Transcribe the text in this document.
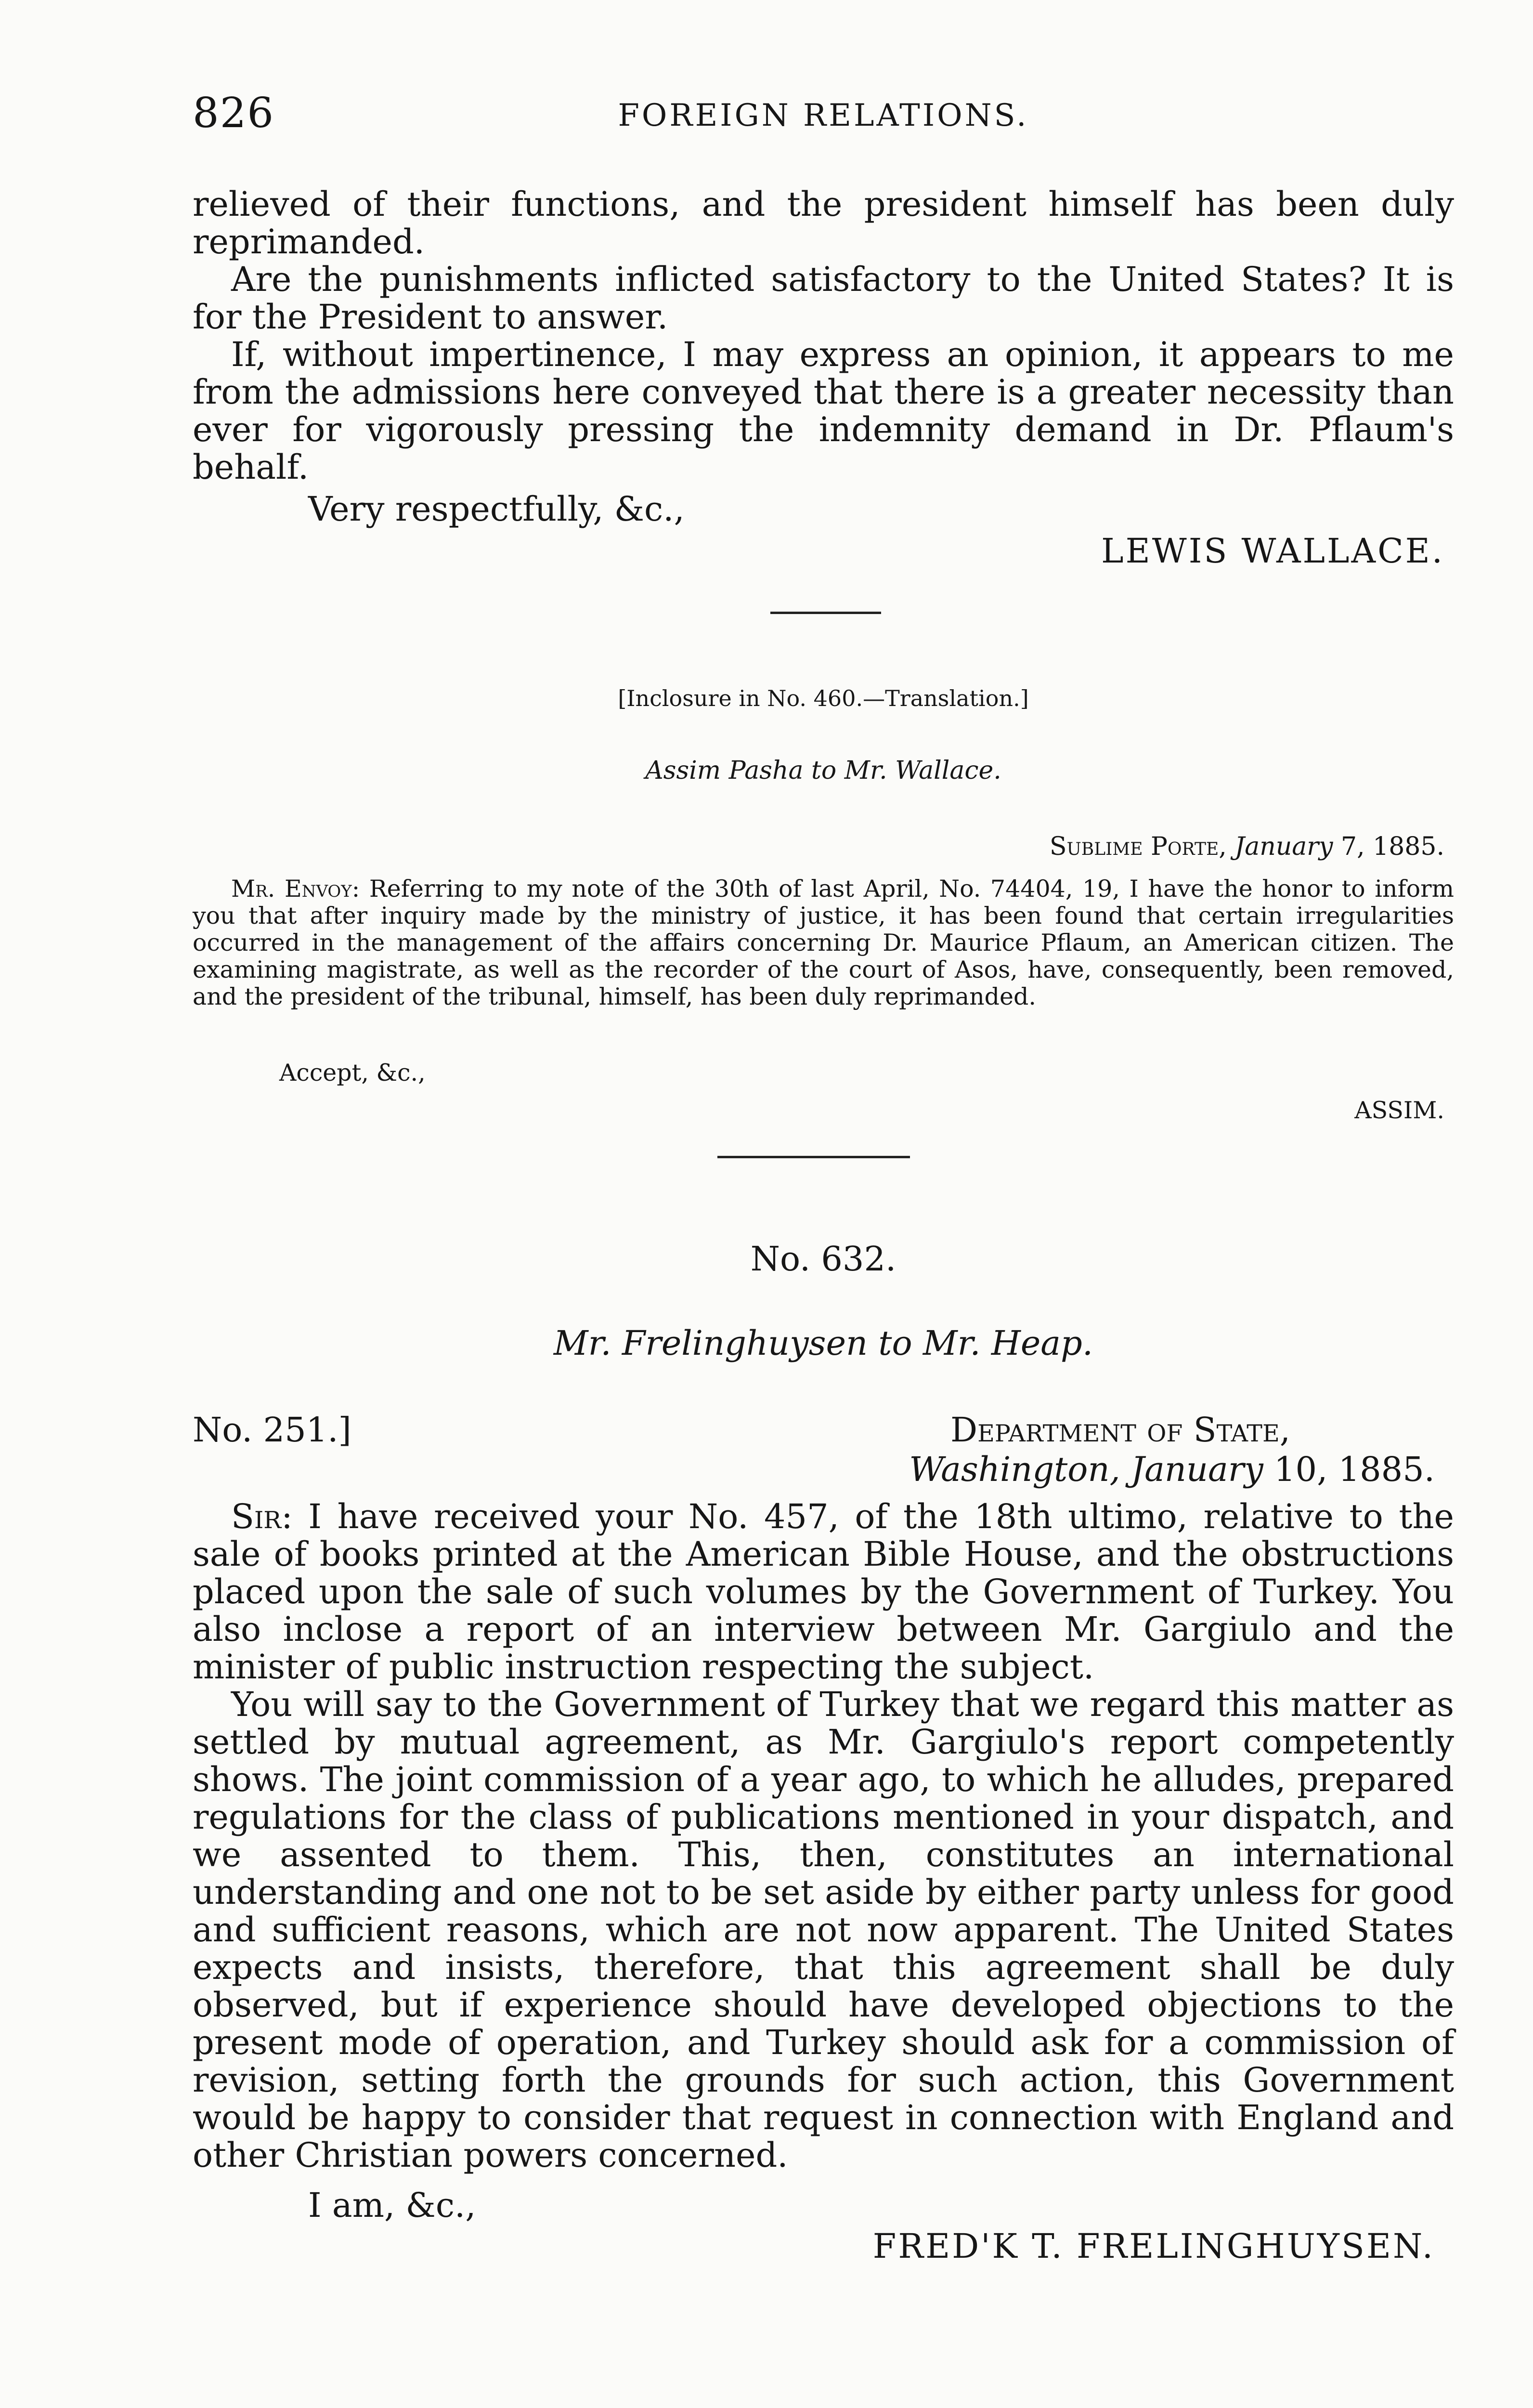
826	FOREIGN RELATIONS.

relieved of their functions, and the president himself has been duly reprimanded.

Are the punishments inflicted satisfactory to the United States? It is for the President to answer.

If, without impertinence, I may express an opinion, it appears to me from the admissions here conveyed that there is a greater necessity than ever for vigorously pressing the indemnity demand in Dr. Pflaum's behalf.

Very respectfully, &c.,
LEWIS WALLACE.
[Inclosure in No. 460.—Translation.]
Assim Pasha to Mr. Wallace.
Sublime Porte, January 7, 1885.

Mr. Envoy: Referring to my note of the 30th of last April, No. 74404, 19, I have the honor to inform you that after inquiry made by the ministry of justice, it has been found that certain irregularities occurred in the management of the affairs concerning Dr. Maurice Pflaum, an American citizen. The examining magistrate, as well as the recorder of the court of Asos, have, consequently, been removed, and the president of the tribunal, himself, has been duly reprimanded.

Accept, &c.,
ASSIM.
No. 632.
Mr. Frelinghuysen to Mr. Heap.
No. 251.]	Department of State,
Washington, January 10, 1885.

Sir: I have received your No. 457, of the 18th ultimo, relative to the sale of books printed at the American Bible House, and the obstructions placed upon the sale of such volumes by the Government of Turkey. You also inclose a report of an interview between Mr. Gargiulo and the minister of public instruction respecting the subject.

You will say to the Government of Turkey that we regard this matter as settled by mutual agreement, as Mr. Gargiulo's report competently shows. The joint commission of a year ago, to which he alludes, prepared regulations for the class of publications mentioned in your dispatch, and we assented to them. This, then, constitutes an international understanding and one not to be set aside by either party unless for good and sufficient reasons, which are not now apparent. The United States expects and insists, therefore, that this agreement shall be duly observed, but if experience should have developed objections to the present mode of operation, and Turkey should ask for a commission of revision, setting forth the grounds for such action, this Government would be happy to consider that request in connection with England and other Christian powers concerned.

I am, &c.,
FRED'K T. FRELINGHUYSEN.
